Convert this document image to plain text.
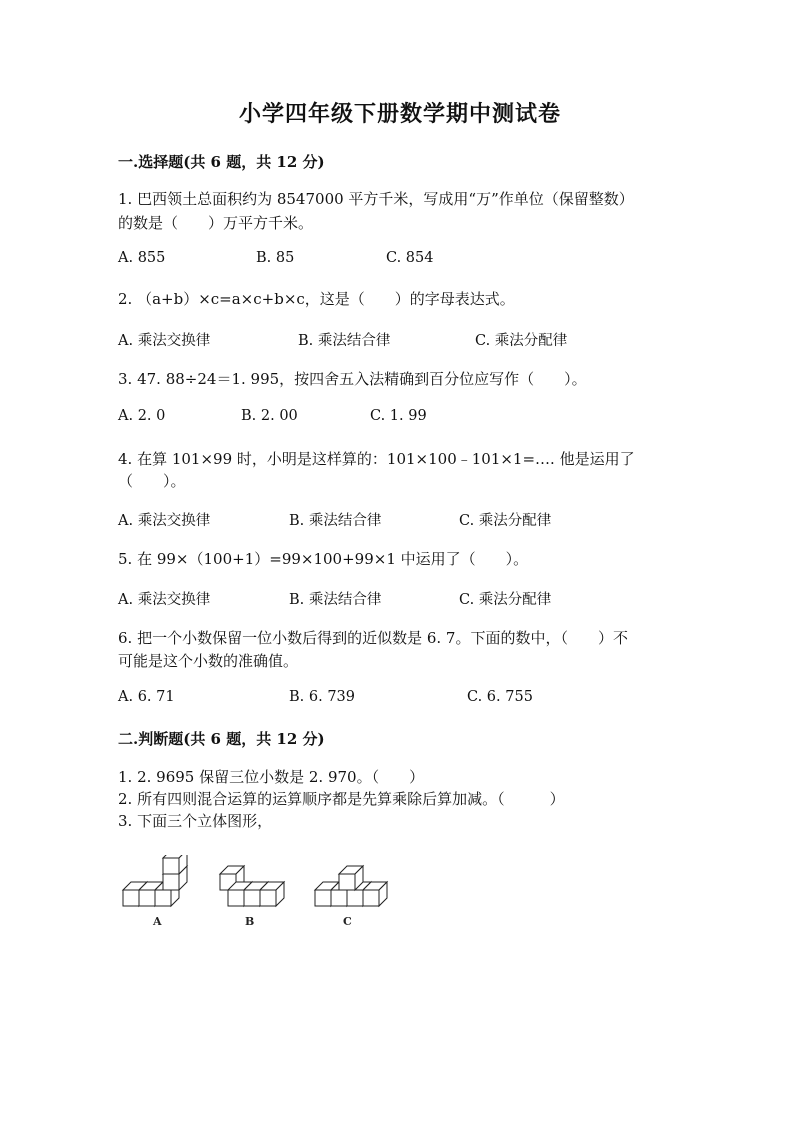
小学四年级下册数学期中测试卷
一.选择题(共 6 题，共 12 分)
1. 巴西领土总面积约为 8547000 平方千米，写成用“万”作单位（保留整数）
的数是（　　）万平方千米。
A. 855	B. 85	C. 854
2. （a+b）×c=a×c+b×c，这是（　　）的字母表达式。
A. 乘法交换律	B. 乘法结合律	C. 乘法分配律
3. 47. 88÷24＝1. 995，按四舍五入法精确到百分位应写作（　　）。
A. 2. 0	B. 2. 00	C. 1. 99
4. 在算 101×99 时，小明是这样算的：101×100﹣101×1=…. 他是运用了
（　　）。
A. 乘法交换律	B. 乘法结合律	C. 乘法分配律
5. 在 99×（100+1）=99×100+99×1 中运用了（　　）。
A. 乘法交换律	B. 乘法结合律	C. 乘法分配律
6. 把一个小数保留一位小数后得到的近似数是 6. 7。下面的数中，（　　）不
可能是这个小数的准确值。
A. 6. 71	B. 6. 739	C. 6. 755
二.判断题(共 6 题，共 12 分)
1. 2. 9695 保留三位小数是 2. 970。（　　）
2. 所有四则混合运算的运算顺序都是先算乘除后算加减。（　　　）
3. 下面三个立体图形，
A	B	C
